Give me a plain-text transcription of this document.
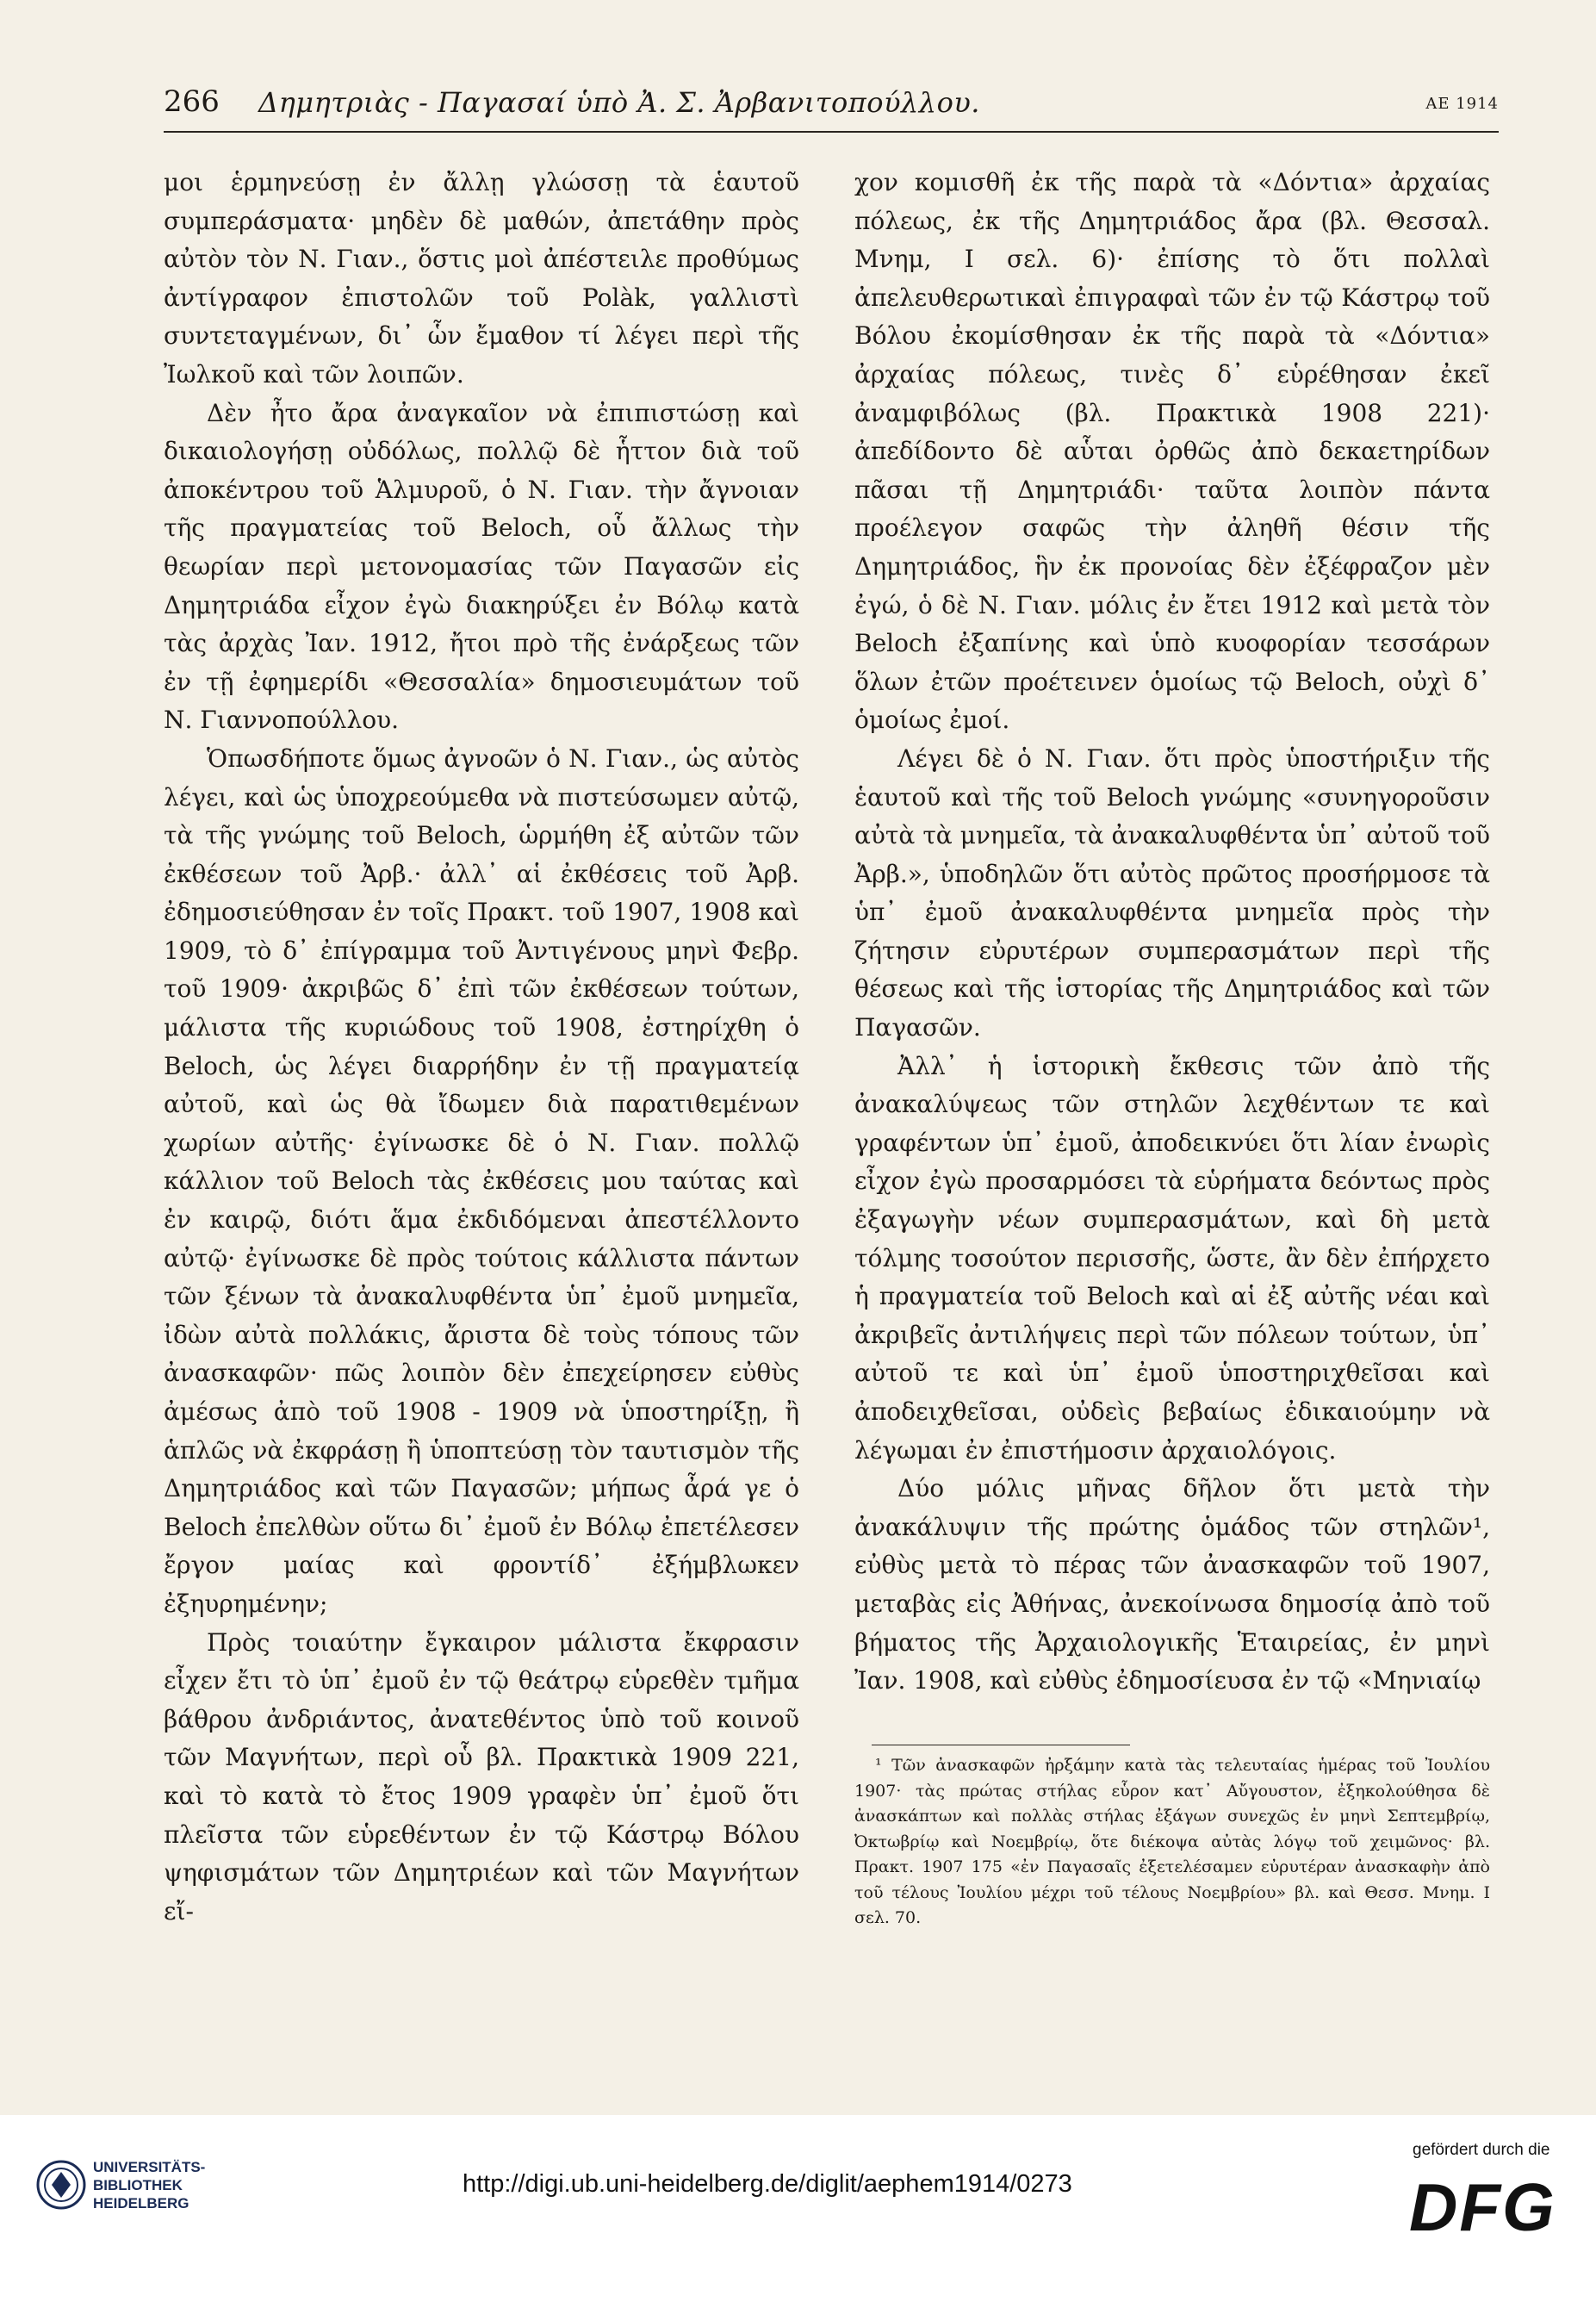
266 Δημητριὰς - Παγασαί ὑπὸ Ἀ. Σ. Ἀρβανιτοπούλλου.	ΑΕ 1914

μοι ἑρμηνεύσῃ ἐν ἄλλῃ γλώσσῃ τὰ ἑαυτοῦ συμπεράσματα· μηδὲν δὲ μαθών, ἀπετάθην πρὸς αὐτὸν τὸν Ν. Γιαν., ὅστις μοὶ ἀπέστειλε προθύμως ἀντίγραφον ἐπιστολῶν τοῦ Polàk, γαλλιστὶ συντεταγμένων, δι᾽ ὧν ἔμαθον τί λέγει περὶ τῆς Ἰωλκοῦ καὶ τῶν λοιπῶν.

Δὲν ἦτο ἄρα ἀναγκαῖον νὰ ἐπιπιστώσῃ καὶ δικαιολογήσῃ οὐδόλως, πολλῷ δὲ ἧττον διὰ τοῦ ἀποκέντρου τοῦ Ἁλμυροῦ, ὁ Ν. Γιαν. τὴν ἄγνοιαν τῆς πραγματείας τοῦ Beloch, οὗ ἄλλως τὴν θεωρίαν περὶ μετονομασίας τῶν Παγασῶν εἰς Δημητριάδα εἶχον ἐγὼ διακηρύξει ἐν Βόλῳ κατὰ τὰς ἀρχὰς Ἰαν. 1912, ἤτοι πρὸ τῆς ἐνάρξεως τῶν ἐν τῇ ἐφημερίδι «Θεσσαλία» δημοσιευμάτων τοῦ Ν. Γιαννοπούλλου.

Ὁπωσδήποτε ὅμως ἀγνοῶν ὁ Ν. Γιαν., ὡς αὐτὸς λέγει, καὶ ὡς ὑποχρεούμεθα νὰ πιστεύσωμεν αὐτῷ, τὰ τῆς γνώμης τοῦ Beloch, ὡρμήθη ἐξ αὐτῶν τῶν ἐκθέσεων τοῦ Ἀρβ.· ἀλλ᾽ αἱ ἐκθέσεις τοῦ Ἀρβ. ἐδημοσιεύθησαν ἐν τοῖς Πρακτ. τοῦ 1907, 1908 καὶ 1909, τὸ δ᾽ ἐπίγραμμα τοῦ Ἀντιγένους μηνὶ Φεβρ. τοῦ 1909· ἀκριβῶς δ᾽ ἐπὶ τῶν ἐκθέσεων τούτων, μάλιστα τῆς κυριώδους τοῦ 1908, ἐστηρίχθη ὁ Beloch, ὡς λέγει διαρρήδην ἐν τῇ πραγματείᾳ αὐτοῦ, καὶ ὡς θὰ ἴδωμεν διὰ παρατιθεμένων χωρίων αὐτῆς· ἐγίνωσκε δὲ ὁ Ν. Γιαν. πολλῷ κάλλιον τοῦ Beloch τὰς ἐκθέσεις μου ταύτας καὶ ἐν καιρῷ, διότι ἅμα ἐκδιδόμεναι ἀπεστέλλοντο αὐτῷ· ἐγίνωσκε δὲ πρὸς τούτοις κάλλιστα πάντων τῶν ξένων τὰ ἀνακαλυφθέντα ὑπ᾽ ἐμοῦ μνημεῖα, ἰδὼν αὐτὰ πολλάκις, ἄριστα δὲ τοὺς τόπους τῶν ἀνασκαφῶν· πῶς λοιπὸν δὲν ἐπεχείρησεν εὐθὺς ἀμέσως ἀπὸ τοῦ 1908 - 1909 νὰ ὑποστηρίξῃ, ἢ ἁπλῶς νὰ ἐκφράσῃ ἢ ὑποπτεύσῃ τὸν ταυτισμὸν τῆς Δημητριάδος καὶ τῶν Παγασῶν; μήπως ἆρά γε ὁ Beloch ἐπελθὼν οὕτω δι᾽ ἐμοῦ ἐν Βόλῳ ἐπετέλεσεν ἔργον μαίας καὶ φροντίδ᾽ ἐξήμβλωκεν ἐξηυρημένην;

Πρὸς τοιαύτην ἔγκαιρον μάλιστα ἔκφρασιν εἶχεν ἔτι τὸ ὑπ᾽ ἐμοῦ ἐν τῷ θεάτρῳ εὑρεθὲν τμῆμα βάθρου ἀνδριάντος, ἀνατεθέντος ὑπὸ τοῦ κοινοῦ τῶν Μαγνήτων, περὶ οὗ βλ. Πρακτικὰ 1909 221, καὶ τὸ κατὰ τὸ ἔτος 1909 γραφὲν ὑπ᾽ ἐμοῦ ὅτι πλεῖστα τῶν εὑρεθέντων ἐν τῷ Κάστρῳ Βόλου ψηφισμάτων τῶν Δημητριέων καὶ τῶν Μαγνήτων εἴ-

χον κομισθῆ ἐκ τῆς παρὰ τὰ «Δόντια» ἀρχαίας πόλεως, ἐκ τῆς Δημητριάδος ἄρα (βλ. Θεσσαλ. Μνημ, I σελ. 6)· ἐπίσης τὸ ὅτι πολλαὶ ἀπελευθερωτικαὶ ἐπιγραφαὶ τῶν ἐν τῷ Κάστρῳ τοῦ Βόλου ἐκομίσθησαν ἐκ τῆς παρὰ τὰ «Δόντια» ἀρχαίας πόλεως, τινὲς δ᾽ εὑρέθησαν ἐκεῖ ἀναμφιβόλως (βλ. Πρακτικὰ 1908 221)· ἀπεδίδοντο δὲ αὗται ὀρθῶς ἀπὸ δεκαετηρίδων πᾶσαι τῇ Δημητριάδι· ταῦτα λοιπὸν πάντα προέλεγον σαφῶς τὴν ἀληθῆ θέσιν τῆς Δημητριάδος, ἣν ἐκ προνοίας δὲν ἐξέφραζον μὲν ἐγώ, ὁ δὲ Ν. Γιαν. μόλις ἐν ἔτει 1912 καὶ μετὰ τὸν Beloch ἐξαπίνης καὶ ὑπὸ κυοφορίαν τεσσάρων ὅλων ἐτῶν προέτεινεν ὁμοίως τῷ Beloch, οὐχὶ δ᾽ ὁμοίως ἐμοί.

Λέγει δὲ ὁ Ν. Γιαν. ὅτι πρὸς ὑποστήριξιν τῆς ἑαυτοῦ καὶ τῆς τοῦ Beloch γνώμης «συνηγοροῦσιν αὐτὰ τὰ μνημεῖα, τὰ ἀνακαλυφθέντα ὑπ᾽ αὐτοῦ τοῦ Ἀρβ.», ὑποδηλῶν ὅτι αὐτὸς πρῶτος προσήρμοσε τὰ ὑπ᾽ ἐμοῦ ἀνακαλυφθέντα μνημεῖα πρὸς τὴν ζήτησιν εὐρυτέρων συμπερασμάτων περὶ τῆς θέσεως καὶ τῆς ἱστορίας τῆς Δημητριάδος καὶ τῶν Παγασῶν.

Ἀλλ᾽ ἡ ἱστορικὴ ἔκθεσις τῶν ἀπὸ τῆς ἀνακαλύψεως τῶν στηλῶν λεχθέντων τε καὶ γραφέντων ὑπ᾽ ἐμοῦ, ἀποδεικνύει ὅτι λίαν ἐνωρὶς εἶχον ἐγὼ προσαρμόσει τὰ εὑρήματα δεόντως πρὸς ἐξαγωγὴν νέων συμπερασμάτων, καὶ δὴ μετὰ τόλμης τοσούτον περισσῆς, ὥστε, ἂν δὲν ἐπήρχετο ἡ πραγματεία τοῦ Beloch καὶ αἱ ἐξ αὐτῆς νέαι καὶ ἀκριβεῖς ἀντιλήψεις περὶ τῶν πόλεων τούτων, ὑπ᾽ αὐτοῦ τε καὶ ὑπ᾽ ἐμοῦ ὑποστηριχθεῖσαι καὶ ἀποδειχθεῖσαι, οὐδεὶς βεβαίως ἐδικαιούμην νὰ λέγωμαι ἐν ἐπιστήμοσιν ἀρχαιολόγοις.

Δύο μόλις μῆνας δῆλον ὅτι μετὰ τὴν ἀνακάλυψιν τῆς πρώτης ὁμάδος τῶν στηλῶν¹, εὐθὺς μετὰ τὸ πέρας τῶν ἀνασκαφῶν τοῦ 1907, μεταβὰς εἰς Ἀθήνας, ἀνεκοίνωσα δημοσίᾳ ἀπὸ τοῦ βήματος τῆς Ἀρχαιολογικῆς Ἑταιρείας, ἐν μηνὶ Ἰαν. 1908, καὶ εὐθὺς ἐδημοσίευσα ἐν τῷ «Μηνιαίῳ

¹ Τῶν ἀνασκαφῶν ἠρξάμην κατὰ τὰς τελευταίας ἡμέρας τοῦ Ἰουλίου 1907· τὰς πρώτας στήλας εὗρον κατ᾽ Αὔγουστον, ἐξηκολούθησα δὲ ἀνασκάπτων καὶ πολλὰς στήλας ἐξάγων συνεχῶς ἐν μηνὶ Σεπτεμβρίῳ, Ὀκτωβρίῳ καὶ Νοεμβρίῳ, ὅτε διέκοψα αὐτὰς λόγῳ τοῦ χειμῶνος· βλ. Πρακτ. 1907 175 «ἐν Παγασαῖς ἐξετελέσαμεν εὐρυτέραν ἀνασκαφὴν ἀπὸ τοῦ τέλους Ἰουλίου μέχρι τοῦ τέλους Νοεμβρίου» βλ. καὶ Θεσσ. Μνημ. I σελ. 70.
UNIVERSITÄTS-
BIBLIOTHEK
HEIDELBERG
http://digi.ub.uni-heidelberg.de/diglit/aephem1914/0273
gefördert durch die
DFG
